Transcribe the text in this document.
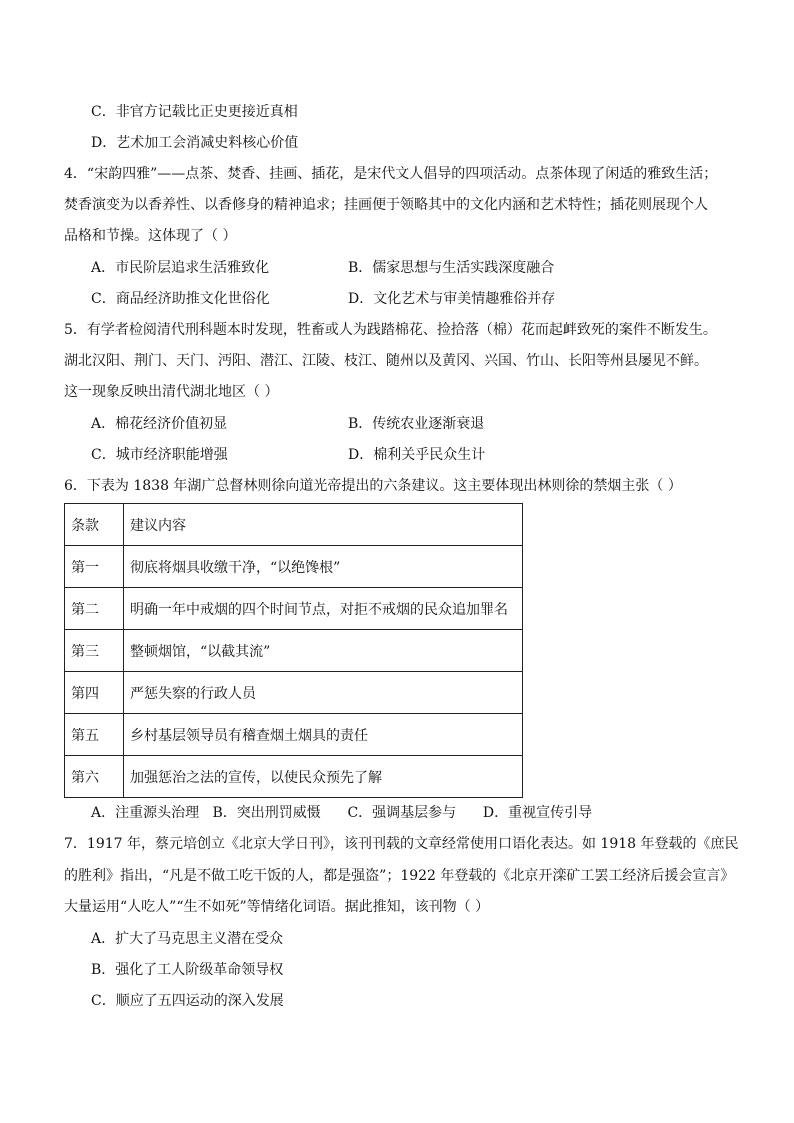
C．非官方记载比正史更接近真相
D．艺术加工会消减史料核心价值
4．“宋韵四雅”——点茶、焚香、挂画、插花，是宋代文人倡导的四项活动。点茶体现了闲适的雅致生活；
焚香演变为以香养性、以香修身的精神追求；挂画便于领略其中的文化内涵和艺术特性；插花则展现个人
品格和节操。这体现了（ ）
A．市民阶层追求生活雅致化	B．儒家思想与生活实践深度融合
C．商品经济助推文化世俗化	D．文化艺术与审美情趣雅俗并存
5．有学者检阅清代刑科题本时发现，牲畜或人为践踏棉花、捡拾落（棉）花而起衅致死的案件不断发生。
湖北汉阳、荆门、天门、沔阳、潜江、江陵、枝江、随州以及黄冈、兴国、竹山、长阳等州县屡见不鲜。
这一现象反映出清代湖北地区（ ）
A．棉花经济价值初显	B．传统农业逐渐衰退
C．城市经济职能增强	D．棉利关乎民众生计
6．下表为 1838 年湖广总督林则徐向道光帝提出的六条建议。这主要体现出林则徐的禁烟主张（ ）
条款	建议内容
第一	彻底将烟具收缴干净，“以绝馋根”
第二	明确一年中戒烟的四个时间节点，对拒不戒烟的民众追加罪名
第三	整顿烟馆，“以截其流”
第四	严惩失察的行政人员
第五	乡村基层领导员有稽查烟土烟具的责任
第六	加强惩治之法的宣传，以使民众预先了解
A．注重源头治理   B．突出刑罚威慑      C．强调基层参与      D．重视宣传引导
7．1917 年，蔡元培创立《北京大学日刊》，该刊刊载的文章经常使用口语化表达。如 1918 年登载的《庶民
的胜利》指出，“凡是不做工吃干饭的人，都是强盗”；1922 年登载的《北京开滦矿工罢工经济后援会宣言》
大量运用“人吃人”“生不如死”等情绪化词语。据此推知，该刊物（ ）
A．扩大了马克思主义潜在受众
B．强化了工人阶级革命领导权
C．顺应了五四运动的深入发展
